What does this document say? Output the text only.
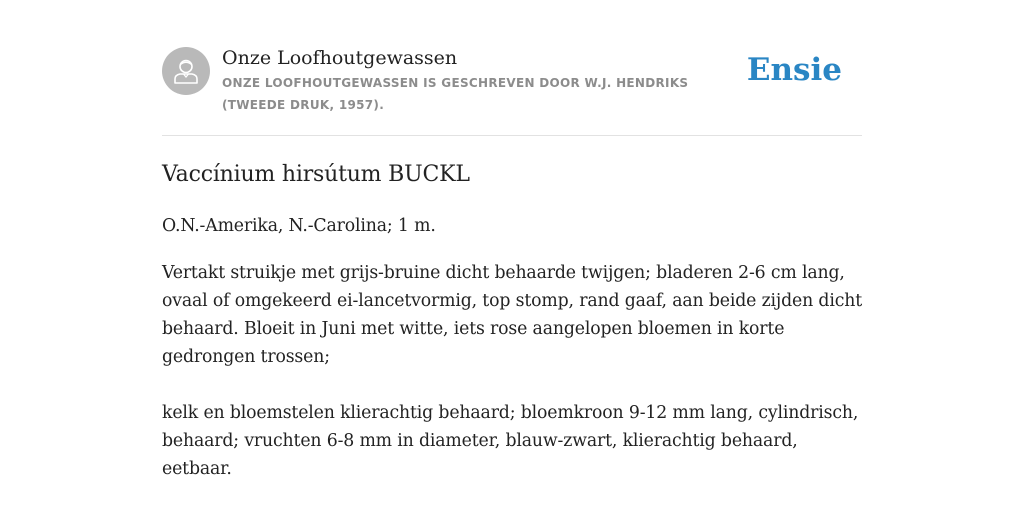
Onze Loofhoutgewassen
ONZE LOOFHOUTGEWASSEN IS GESCHREVEN DOOR W.J. HENDRIKS (TWEEDE DRUK, 1957).
Ensie
Vaccínium hirsútum BUCKL

O.N.-Amerika, N.-Carolina; 1 m.

Vertakt struikje met grijs-bruine dicht behaarde twijgen; bladeren 2-6 cm lang, ovaal of omgekeerd ei-lancetvormig, top stomp, rand gaaf, aan beide zijden dicht behaard. Bloeit in Juni met witte, iets rose aangelopen bloemen in korte gedrongen trossen;

kelk en bloemstelen klierachtig behaard; bloemkroon 9-12 mm lang, cylindrisch, behaard; vruchten 6-8 mm in diameter, blauw-zwart, klierachtig behaard, eetbaar.
